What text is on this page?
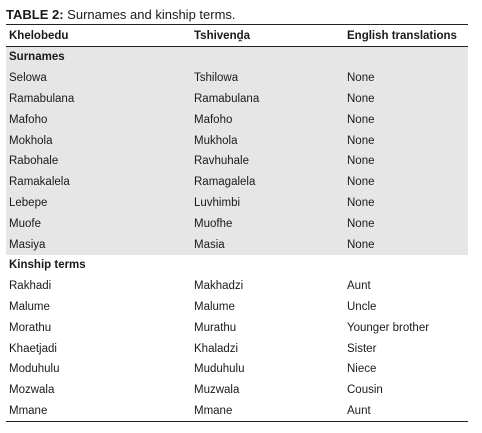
TABLE 2: Surnames and kinship terms.
Khelobedu	Tshivenḓa	English translations
Surnames		
Selowa	Tshilowa	None
Ramabulana	Ramabulana	None
Mafoho	Mafoho	None
Mokhola	Mukhola	None
Rabohale	Ravhuhale	None
Ramakalela	Ramagalela	None
Lebepe	Luvhimbi	None
Muofe	Muofhe	None
Masiya	Masia	None
Kinship terms		
Rakhadi	Makhadzi	Aunt
Malume	Malume	Uncle
Morathu	Murathu	Younger brother
Khaetjadi	Khaladzi	Sister
Moduhulu	Muduhulu	Niece
Mozwala	Muzwala	Cousin
Mmane	Mmane	Aunt
